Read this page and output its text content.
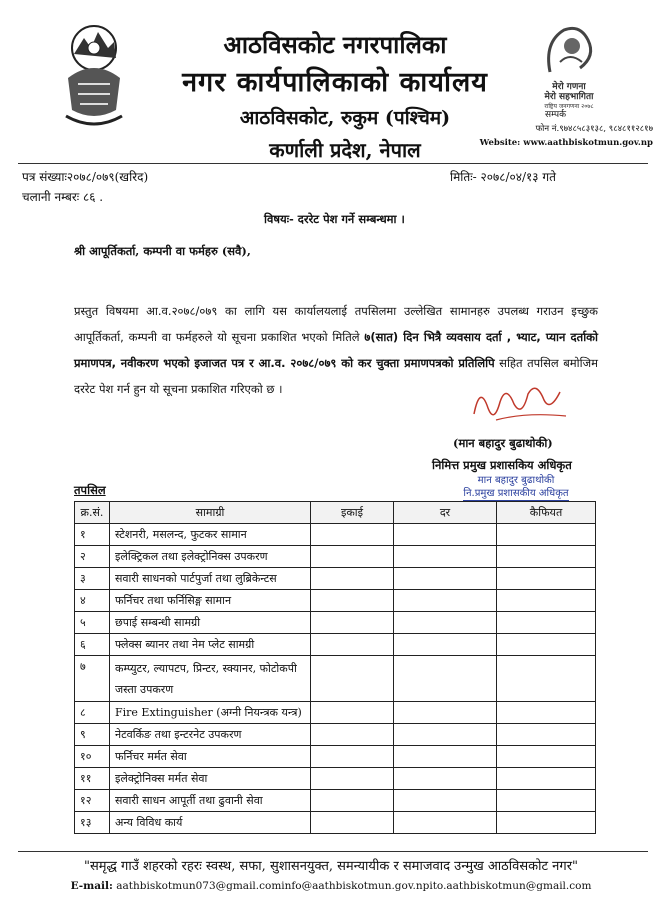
आठविसकोट नगरपालिका
नगर कार्यपालिकाको कार्यालय
आठविसकोट, रुकुम (पश्चिम)
कर्णाली प्रदेश, नेपाल
मेरो गणना
मेरो सहभागिता
राष्ट्रिय जनगणना २०७८
सम्पर्क
फोन नं.९७४८५८३१३८, ९८४८११२८१७
Website: www.aathbiskotmun.gov.np
पत्र संख्याः२०७८/०७९(खरिद)	मितिः- २०७८/०४/१३ गते
चलानी नम्बरः ८६ .
विषयः- दररेट पेश गर्ने सम्बन्धमा ।
श्री आपूर्तिकर्ता, कम्पनी वा फर्महरु (सवै),
प्रस्तुत विषयमा आ.व.२०७८/०७९ का लागि यस कार्यालयलाई तपसिलमा उल्लेखित सामानहरु उपलब्ध गराउन इच्छुक आपूर्तिकर्ता, कम्पनी वा फर्महरुले यो सूचना प्रकाशित भएको मितिले ७(सात) दिन भित्रै व्यवसाय दर्ता , भ्याट, प्यान दर्ताको प्रमाणपत्र, नवीकरण भएको इजाजत पत्र र आ.व. २०७८/०७९ को कर चुक्ता प्रमाणपत्रको प्रतिलिपि सहित तपसिल बमोजिम दररेट पेश गर्न हुन यो सूचना प्रकाशित गरिएको छ ।
(मान बहादुर बुढाथोकी)
निमित्त प्रमुख प्रशासकिय अधिकृत
मान बहादुर बुढाथोकी
नि.प्रमुख प्रशासकीय अधिकृत
तपसिल
क्र.सं.	सामाग्री	इकाई	दर	कैफियत
१	स्टेशनरी, मसलन्द, फुटकर सामान			
२	इलेक्ट्रिकल तथा इलेक्ट्रोनिक्स उपकरण			
३	सवारी साधनको पार्टपुर्जा तथा लुब्रिकेन्टस			
४	फर्निचर तथा फर्निसिङ्ग सामान			
५	छपाई सम्बन्धी सामग्री			
६	फ्लेक्स ब्यानर तथा नेम प्लेट सामग्री			
७	कम्प्युटर, ल्यापटप, प्रिन्टर, स्क्यानर, फोटोकपी जस्ता उपकरण			
८	Fire Extinguisher (अग्नी नियन्त्रक यन्त्र)			
९	नेटवर्किङ तथा इन्टरनेट उपकरण			
१०	फर्निचर मर्मत सेवा			
११	इलेक्ट्रोनिक्स मर्मत सेवा			
१२	सवारी साधन आपूर्ती तथा ढुवानी सेवा			
१३	अन्य विविध कार्य			
"समृद्ध गाउँ शहरको रहरः स्वस्थ, सफा, सुशासनयुक्त, समन्यायीक र समाजवाद उन्मुख आठविसकोट नगर"
E-mail: aathbiskotmun073@gmail.cominfo@aathbiskotmun.gov.npito.aathbiskotmun@gmail.com
